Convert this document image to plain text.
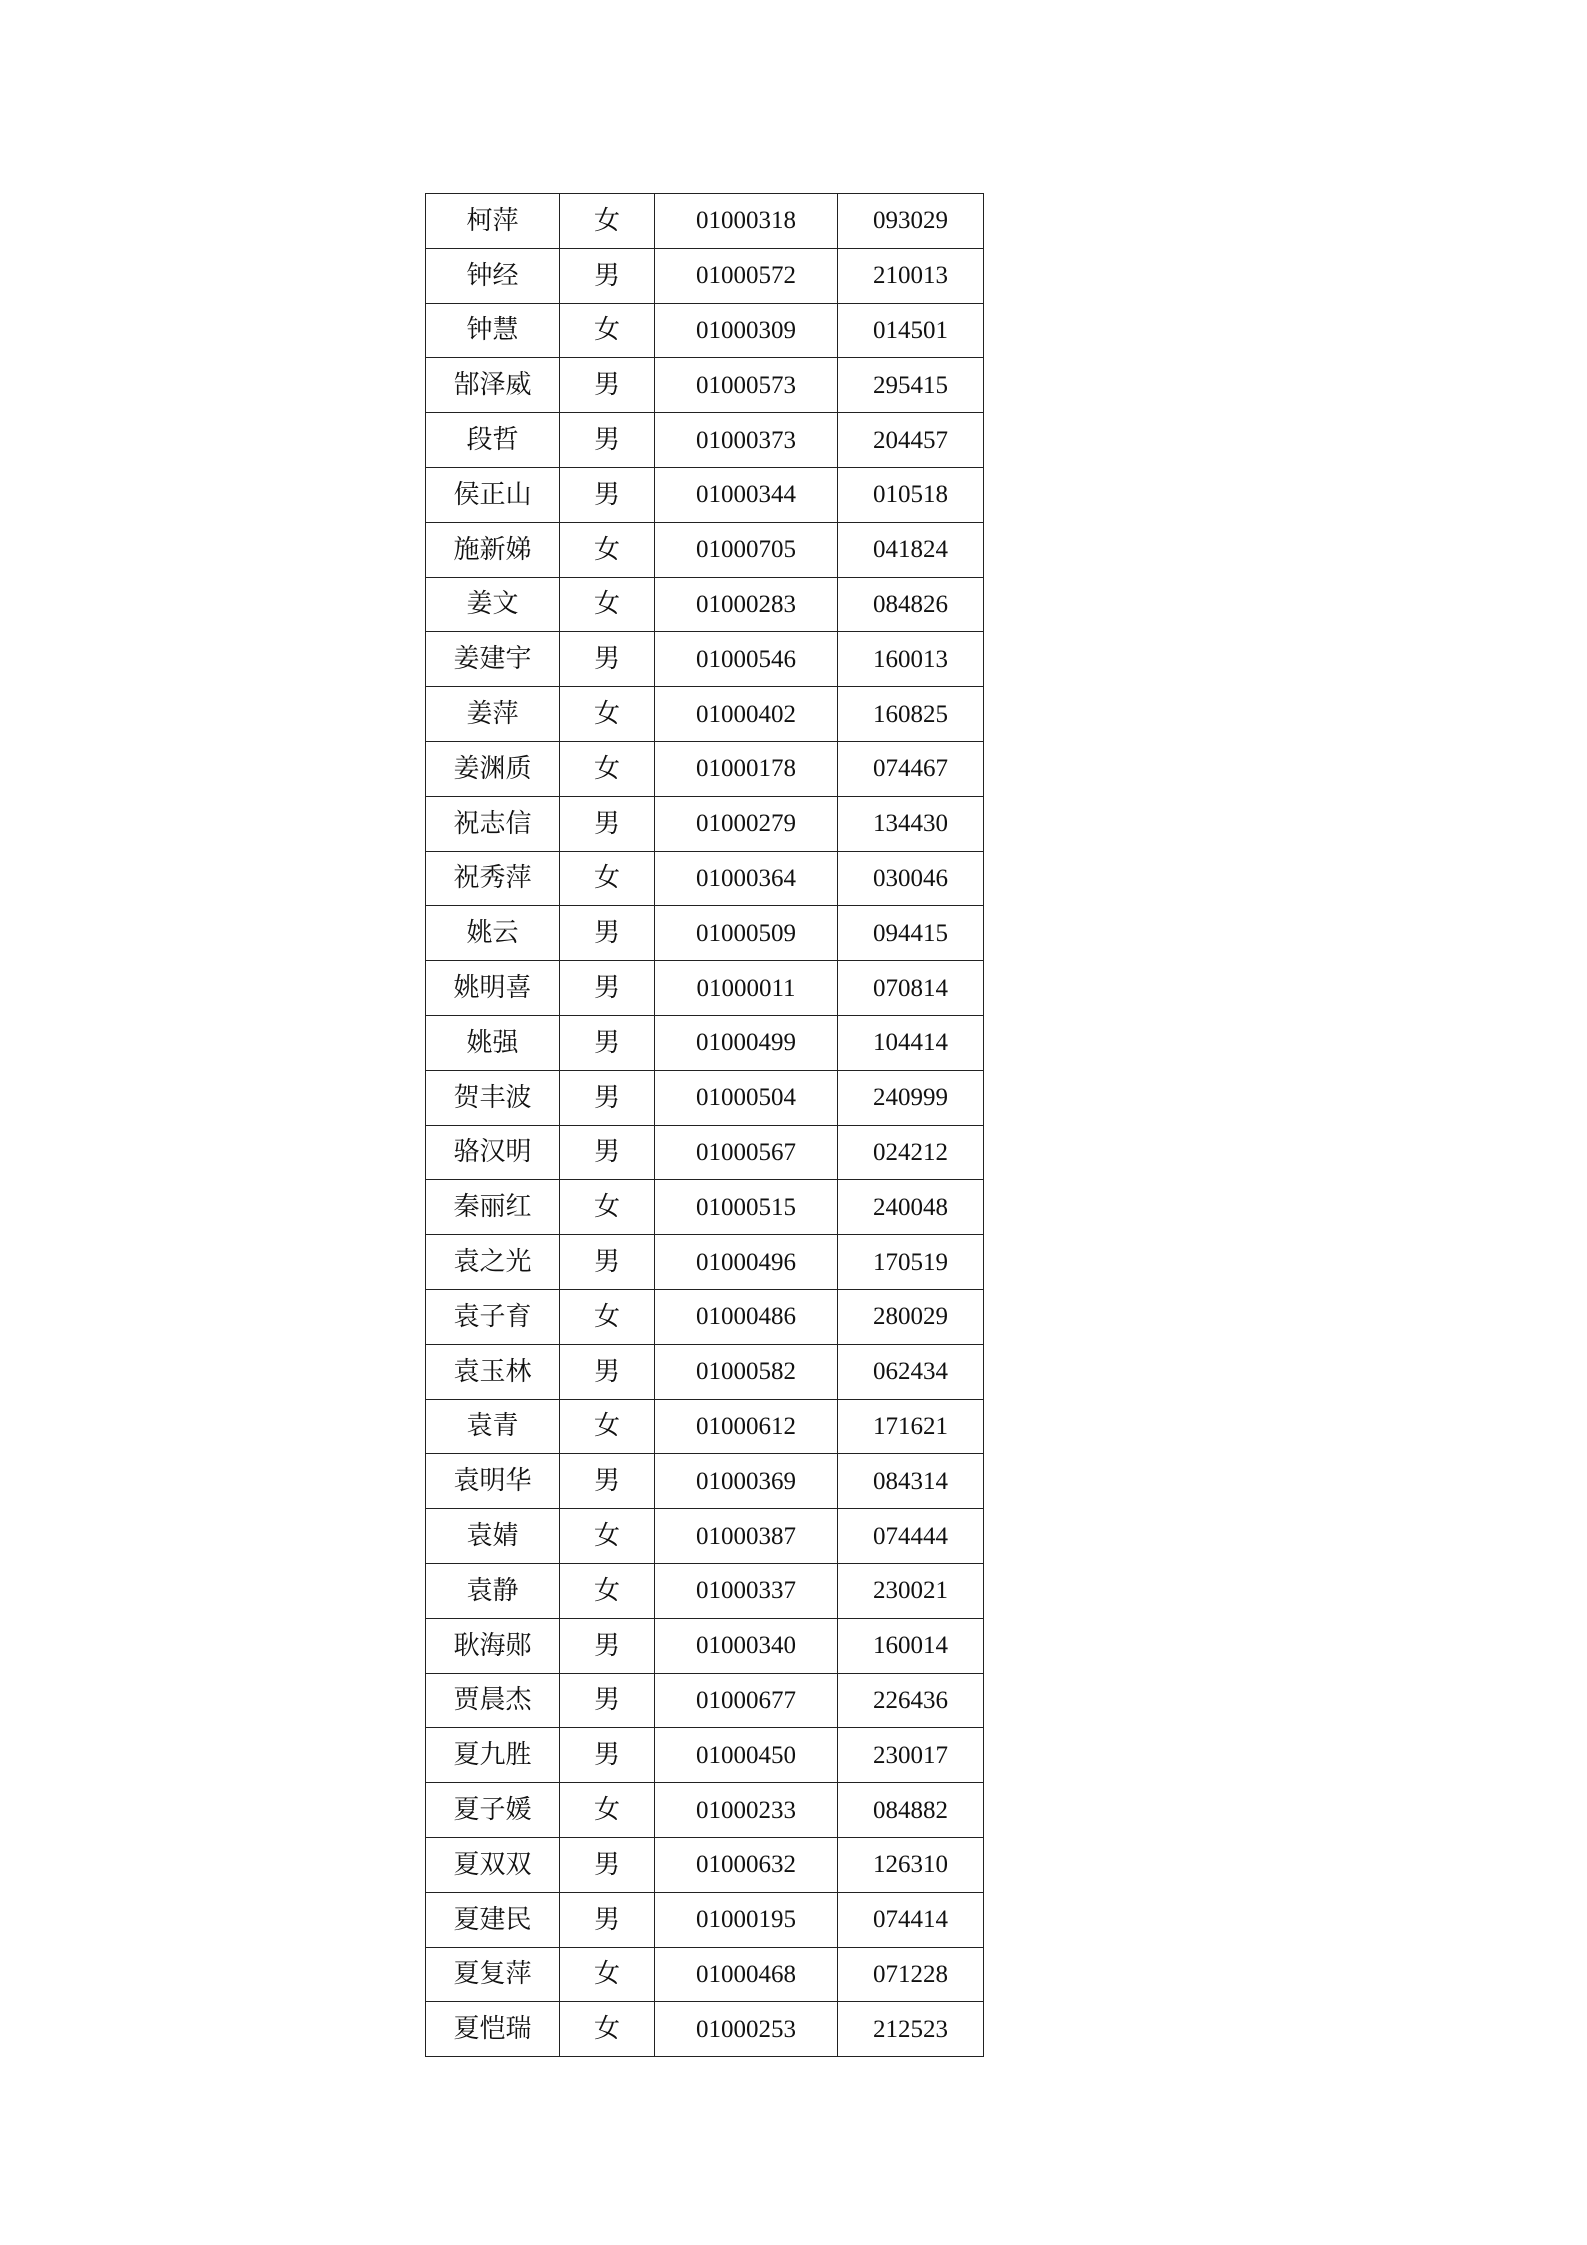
柯萍	女	01000318	093029
钟经	男	01000572	210013
钟慧	女	01000309	014501
郜泽威	男	01000573	295415
段哲	男	01000373	204457
侯正山	男	01000344	010518
施新娣	女	01000705	041824
姜文	女	01000283	084826
姜建宇	男	01000546	160013
姜萍	女	01000402	160825
姜渊质	女	01000178	074467
祝志信	男	01000279	134430
祝秀萍	女	01000364	030046
姚云	男	01000509	094415
姚明喜	男	01000011	070814
姚强	男	01000499	104414
贺丰波	男	01000504	240999
骆汉明	男	01000567	024212
秦丽红	女	01000515	240048
袁之光	男	01000496	170519
袁子育	女	01000486	280029
袁玉林	男	01000582	062434
袁青	女	01000612	171621
袁明华	男	01000369	084314
袁婧	女	01000387	074444
袁静	女	01000337	230021
耿海郧	男	01000340	160014
贾晨杰	男	01000677	226436
夏九胜	男	01000450	230017
夏子媛	女	01000233	084882
夏双双	男	01000632	126310
夏建民	男	01000195	074414
夏复萍	女	01000468	071228
夏恺瑞	女	01000253	212523
